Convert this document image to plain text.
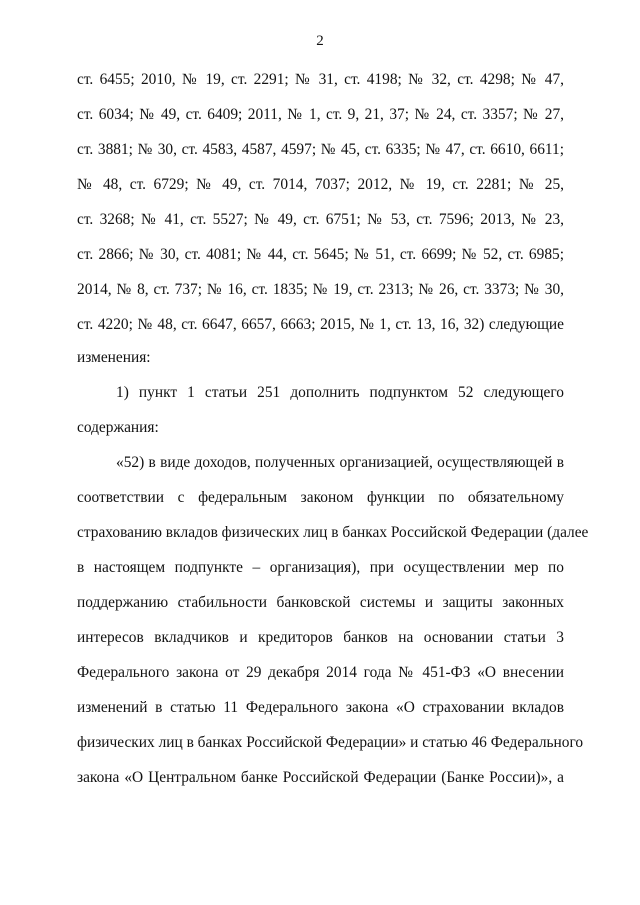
2
ст. 6455; 2010, № 19, ст. 2291; № 31, ст. 4198; № 32, ст. 4298; № 47,
ст. 6034; № 49, ст. 6409; 2011, № 1, ст. 9, 21, 37; № 24, ст. 3357; № 27,
ст. 3881; № 30, ст. 4583, 4587, 4597; № 45, ст. 6335; № 47, ст. 6610, 6611;
№ 48, ст. 6729; № 49, ст. 7014, 7037; 2012, № 19, ст. 2281; № 25,
ст. 3268; № 41, ст. 5527; № 49, ст. 6751; № 53, ст. 7596; 2013, № 23,
ст. 2866; № 30, ст. 4081; № 44, ст. 5645; № 51, ст. 6699; № 52, ст. 6985;
2014, № 8, ст. 737; № 16, ст. 1835; № 19, ст. 2313; № 26, ст. 3373; № 30,
ст. 4220; № 48, ст. 6647, 6657, 6663; 2015, № 1, ст. 13, 16, 32) следующие
изменения:
1) пункт 1 статьи 251 дополнить подпунктом 52 следующего
содержания:
«52) в виде доходов, полученных организацией, осуществляющей в
соответствии с федеральным законом функции по обязательному
страхованию вкладов физических лиц в банках Российской Федерации (далее
в настоящем подпункте – организация), при осуществлении мер по
поддержанию стабильности банковской системы и защиты законных
интересов вкладчиков и кредиторов банков на основании статьи 3
Федерального закона от 29 декабря 2014 года № 451-ФЗ «О внесении
изменений в статью 11 Федерального закона «О страховании вкладов
физических лиц в банках Российской Федерации» и статью 46 Федерального
закона «О Центральном банке Российской Федерации (Банке России)», а
